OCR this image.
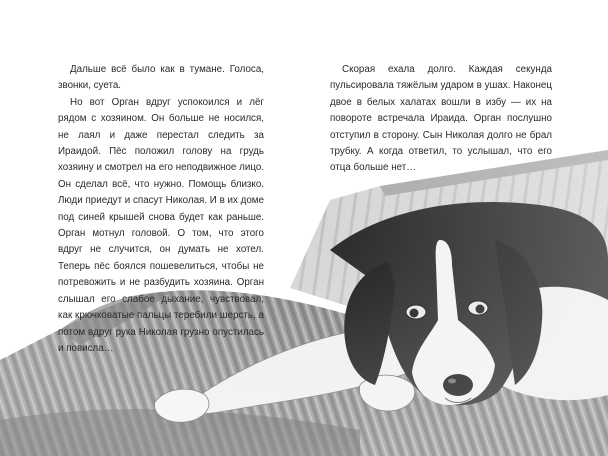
Дальше всё было как в тумане. Голоса, звонки, суета.

Но вот Орган вдруг успокоился и лёг рядом с хозяином. Он больше не носился, не лаял и даже перестал следить за Ираидой. Пёс положил голову на грудь хозяину и смотрел на его неподвижное лицо. Он сделал всё, что нужно. Помощь близко. Люди приедут и спасут Николая. И в их доме под синей крышей снова будет как раньше. Орган мотнул головой. О том, что этого вдруг не случится, он думать не хотел. Теперь пёс боялся пошевелиться, чтобы не потревожить и не разбудить хозяина. Орган слышал его слабое дыхание, чувствовал, как крючковатые пальцы теребили шерсть, а потом вдруг рука Николая грузно опустилась и повисла…

Скорая ехала долго. Каждая секунда пульсировала тяжёлым ударом в ушах. Наконец двое в белых халатах вошли в избу — их на повороте встречала Ираида. Орган послушно отступил в сторону. Сын Николая долго не брал трубку. А когда ответил, то услышал, что его отца больше нет…
